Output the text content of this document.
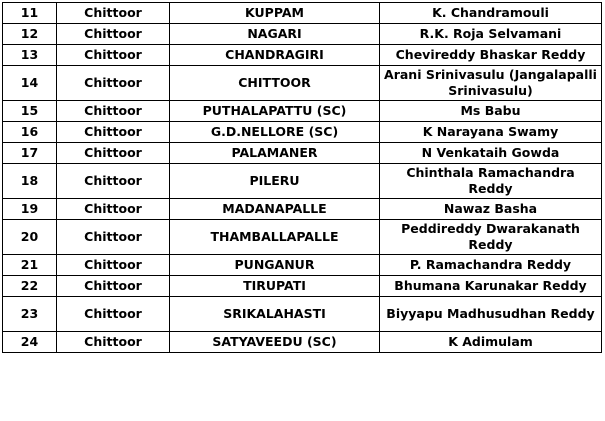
11	Chittoor	KUPPAM	K. Chandramouli
12	Chittoor	NAGARI	R.K. Roja Selvamani
13	Chittoor	CHANDRAGIRI	Chevireddy Bhaskar Reddy
14	Chittoor	CHITTOOR	Arani Srinivasulu (Jangalapalli Srinivasulu)
15	Chittoor	PUTHALAPATTU (SC)	Ms Babu
16	Chittoor	G.D.NELLORE (SC)	K Narayana Swamy
17	Chittoor	PALAMANER	N Venkataih Gowda
18	Chittoor	PILERU	Chinthala Ramachandra Reddy
19	Chittoor	MADANAPALLE	Nawaz Basha
20	Chittoor	THAMBALLAPALLE	Peddireddy Dwarakanath Reddy
21	Chittoor	PUNGANUR	P. Ramachandra Reddy
22	Chittoor	TIRUPATI	Bhumana Karunakar Reddy
23	Chittoor	SRIKALAHASTI	Biyyapu Madhusudhan Reddy
24	Chittoor	SATYAVEEDU (SC)	K Adimulam
